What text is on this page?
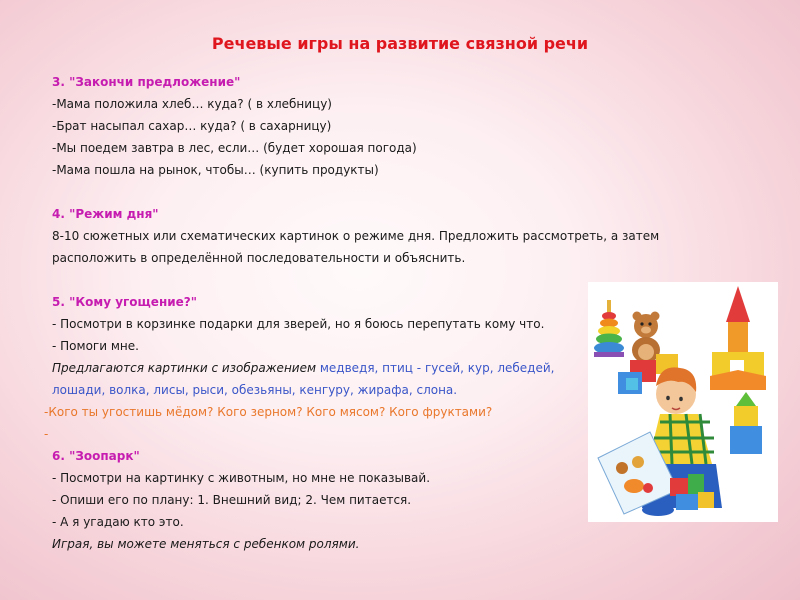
Речевые игры на развитие связной речи
3. "Закончи предложение"
-Мама положила хлеб… куда? ( в хлебницу)
-Брат насыпал сахар… куда? ( в сахарницу)
-Мы поедем завтра в лес, если… (будет хорошая погода)
-Мама пошла на рынок, чтобы… (купить продукты)
4. "Режим дня"
8-10 сюжетных или схематических картинок о режиме дня. Предложить рассмотреть, а затем
расположить в определённой последовательности и объяснить.
5. "Кому угощение?"
- Посмотри в корзинке подарки для зверей, но я боюсь перепутать кому что.
- Помоги мне.
Предлагаются картинки с изображением медведя, птиц - гусей, кур, лебедей,
лошади, волка, лисы, рыси, обезьяны, кенгуру, жирафа, слона.
-Кого ты угостишь мёдом? Кого зерном? Кого мясом? Кого фруктами?
-
6. "Зоопарк"
- Посмотри на картинку с животным, но мне не показывай.
- Опиши его по плану: 1. Внешний вид; 2. Чем питается.
- А я угадаю кто это.
Играя, вы можете меняться с ребенком ролями.
